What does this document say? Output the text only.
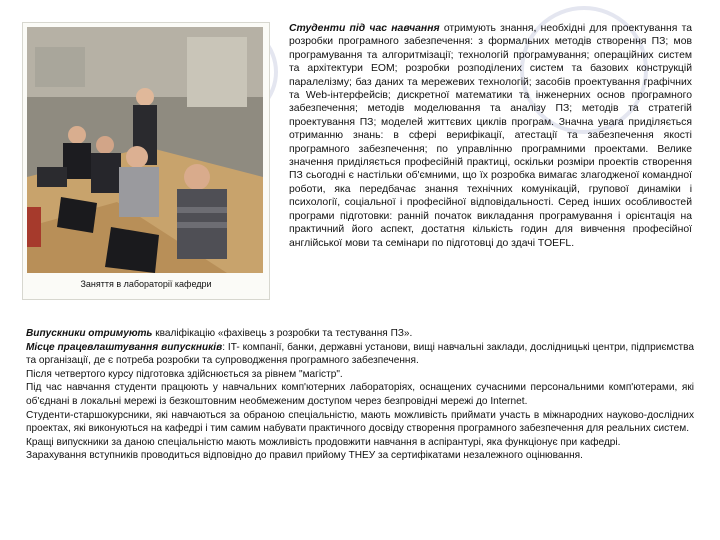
Заняття в лабораторії кафедри
Студенти під час навчання отримують знання, необхідні для проектування та розробки програмного забезпечення: з формальних методів створення ПЗ; мов програмування та алгоритмізації; технологій програмування; операційних систем та архітектури ЕОМ; розробки розподілених систем та базових конструкцій паралелізму; баз даних та мережевих технологій; засобів проектування графічних та Web-інтерфейсів; дискретної математики та інженерних основ програмного забезпечення; методів моделювання та аналізу ПЗ; методів та стратегій проектування ПЗ; моделей життєвих циклів програм. Значна увага приділяється отриманню знань: в сфері верифікації, атестації та забезпечення якості програмного забезпечення; по управлінню програмними проектами. Велике значення приділяється професійній практиці, оскільки розміри проектів створення ПЗ сьогодні є настільки об'ємними, що їх розробка вимагає злагодженої командної роботи, яка передбачає знання технічних комунікацій, групової динаміки і психології, соціальної і професійної відповідальності. Серед інших особливостей програми підготовки: ранній початок викладання програмування і орієнтація на практичний його аспект, достатня кількість годин для вивчення професійної англійської мови та семінари по підготовці до здачі TOEFL.

Випускники отримують кваліфікацію «фахівець з розробки та тестування ПЗ».

Місце працевлаштування випускників: IT- компанії, банки, державні установи, вищі навчальні заклади, дослідницькі центри, підприємства та організації, де є потреба розробки та супроводження програмного забезпечення.

Після четвертого курсу підготовка здійснюється за рівнем "магістр".

Під час навчання студенти працюють у навчальних комп'ютерних лабораторіях, оснащених сучасними персональними комп'ютерами, які об'єднані в локальні мережі із безкоштовним необмеженим доступом через безпровідні мережі до Internet.

Студенти-старшокурсники, які навчаються за обраною спеціальністю, мають можливість приймати участь в міжнародних науково-дослідних проектах, які виконуються на кафедрі і тим самим набувати практичного досвіду створення програмного забезпечення для реальних систем.

Кращі випускники за даною спеціальністю мають можливість продовжити навчання в аспірантурі, яка функціонує при кафедрі.

Зарахування вступників проводиться відповідно до правил прийому ТНЕУ за сертифікатами незалежного оцінювання.
